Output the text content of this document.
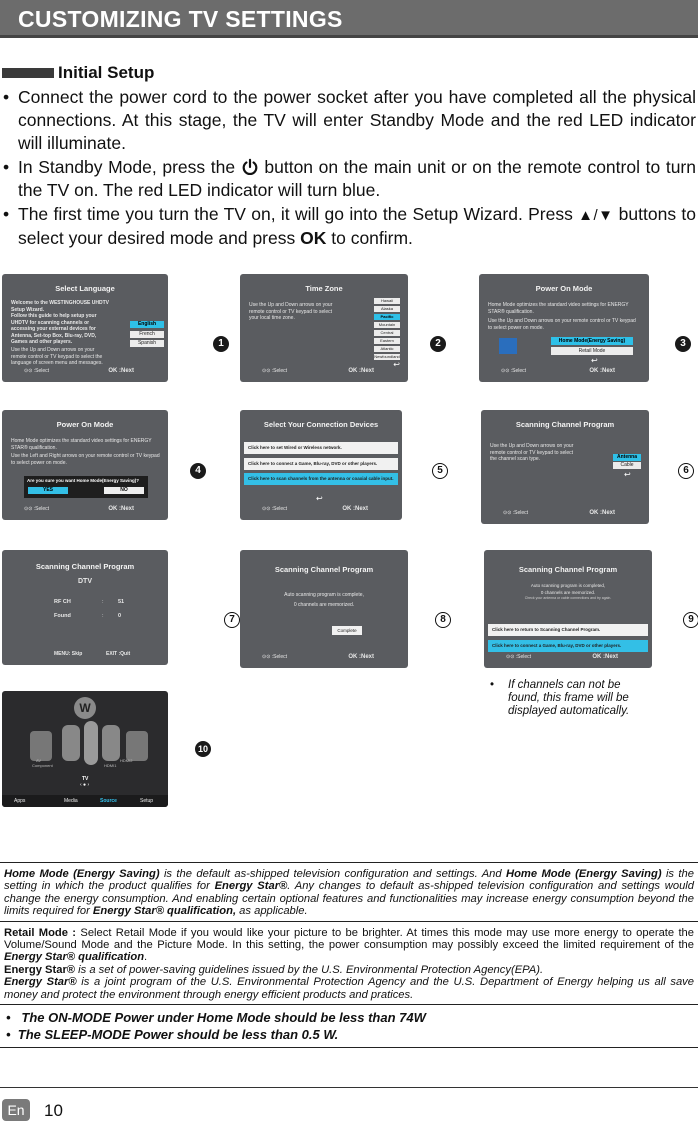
CUSTOMIZING TV SETTINGS
Initial Setup
• Connect the power cord to the power socket after you have completed all the physical connections. At this stage, the TV will enter Standby Mode and the red LED indicator will illuminate.
• In Standby Mode, press the button on the main unit or on the remote control to turn the TV on. The red LED indicator will turn blue.
• The first time you turn the TV on, it will go into the Setup Wizard. Press ▲/▼ buttons to select your desired mode and press OK to confirm.
Select Language
Welcome to the WESTINGHOUSE UHDTV Setup Wizard.
Follow this guide to help setup your UHDTV for scanning channels or accessing your external devices for Antenna, Set-top Box, Blu-ray, DVD, Games and other players.
Use the Up and Down arrows on your remote control or TV keypad to select the language of screen menu and messages.
English
French
Spanish
⊙⊙ :Select	OK :Next
1
Time Zone
Use the Up and Down arrows on your remote control or TV keypad to select your local time zone.
Hawaii
Alaska
Pacific
Mountain
Central
Eastern
Atlantic
Newfoundland
↩
⊙⊙ :Select	OK :Next
2
Power On Mode
Home Mode optimizes the standard video settings for ENERGY STAR® qualification.
Use the Up and Down arrows on your remote control or TV keypad to select power on mode.
Home Mode(Energy Saving)
Retail Mode
↩
⊙⊙ :Select	OK :Next
3
Power On Mode
Home Mode optimizes the standard video settings for ENERGY STAR® qualification.
Use the Left and Right arrows on your remote control or TV keypad to select power on mode.
Are you sure you want Home Mode(Energy Saving)?
YES	NO
⊙⊙ :Select	OK :Next
4
Select Your Connection Devices
Click here to set Wired or Wireless network.
Click here to connect a Game, Blu-ray, DVD or other players.
Click here to scan channels from the antenna or coaxial cable input.
↩
⊙⊙ :Select	OK :Next
5
Scanning Channel Program
Use the Up and Down arrows on your remote control or TV keypad to select the channel scan type.	Antenna
Cable
↩
⊙⊙ :Select	OK :Next
6
Scanning Channel Program
DTV
RF CH	:	51
Found	:	0
MENU: Skip	EXIT :Quit
7
Scanning Channel Program
Auto scanning program is complete,
0 channels are memorized.
Complete
⊙⊙ :Select	OK :Next
8
Scanning Channel Program
Auto scanning program is completed,
0 channels are memorized.
Check your antenna or cable connections and try again.
Click here to return to Scanning Channel Program.
Click here to connect a Game, Blu-ray, DVD or other players.
⊙⊙ :Select	OK :Next
9
• If channels can not be found, this frame will be displayed automatically.
W
AV
Component	HDMI1
HDMI2
TV
‹ ● ›
Apps	Media	Source	Setup
10
Home Mode (Energy Saving) is the default as-shipped television configuration and settings. And Home Mode (Energy Saving) is the setting in which the product qualifies for Energy Star®. Any changes to default as-shipped television configuration and settings would change the energy consumption. And enabling certain optional features and functionalities may increase energy consumption beyond the limits required for Energy Star® qualification, as applicable.
Retail Mode : Select Retail Mode if you would like your picture to be brighter. At times this mode may use more energy to operate the Volume/Sound Mode and the Picture Mode. In this setting, the power consumption may possibly exceed the limited requirement of the Energy Star® qualification.
Energy Star® is a set of power-saving guidelines issued by the U.S. Environmental Protection Agency(EPA).
Energy Star® is a joint program of the U.S. Environmental Protection Agency and the U.S. Department of Energy helping us all save money and protect the environment through energy efficient products and pratices.
•   The ON-MODE Power under Home Mode should be less than 74W
•  The SLEEP-MODE Power should be less than 0.5 W.
En	10
